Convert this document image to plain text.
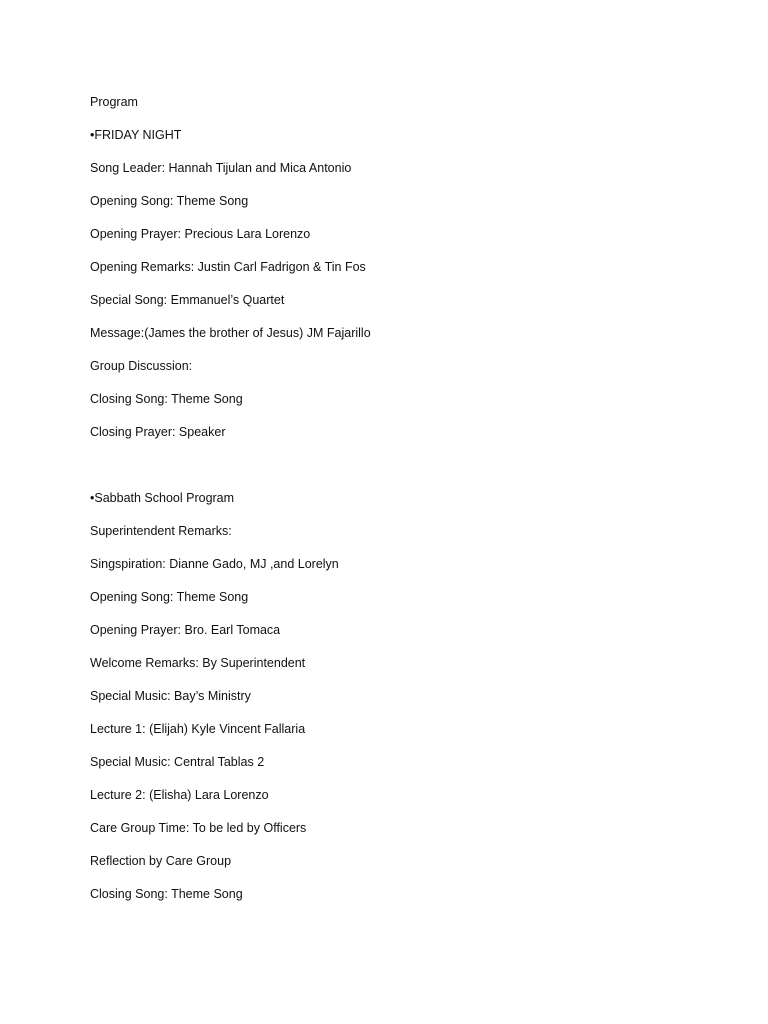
Program
•FRIDAY NIGHT
Song Leader: Hannah Tijulan and Mica Antonio
Opening Song: Theme Song
Opening Prayer: Precious Lara Lorenzo
Opening Remarks: Justin Carl Fadrigon & Tin Fos
Special Song: Emmanuel’s Quartet
Message:(James the brother of Jesus) JM Fajarillo
Group Discussion:
Closing Song: Theme Song
Closing Prayer: Speaker
•Sabbath School Program
Superintendent Remarks:
Singspiration: Dianne Gado, MJ ,and Lorelyn
Opening Song: Theme Song
Opening Prayer: Bro. Earl Tomaca
Welcome Remarks: By Superintendent
Special Music: Bay’s Ministry
Lecture 1: (Elijah) Kyle Vincent Fallaria
Special Music: Central Tablas 2
Lecture 2: (Elisha) Lara Lorenzo
Care Group Time: To be led by Officers
Reflection by Care Group
Closing Song: Theme Song
